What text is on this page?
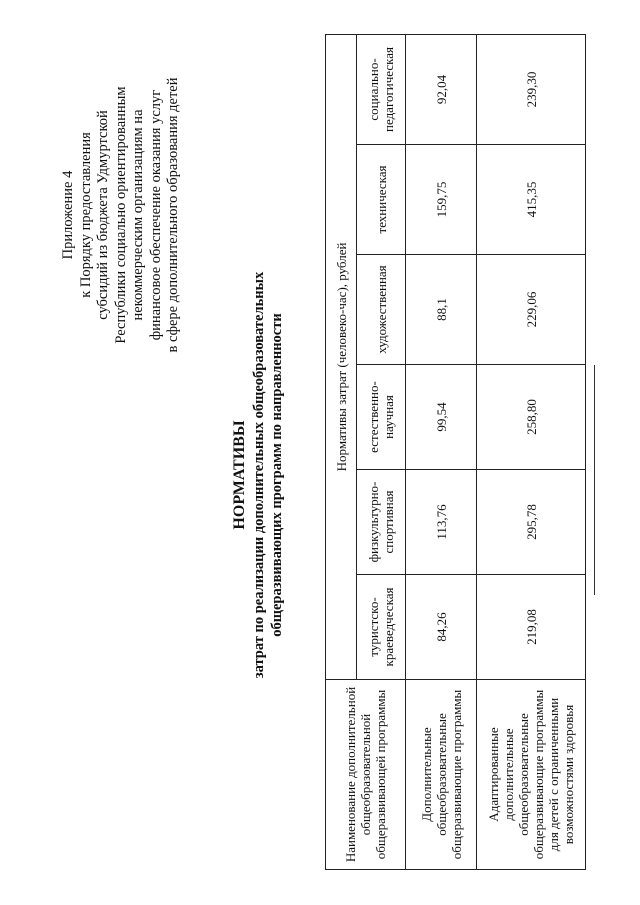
Приложение 4 к Порядку предоставления субсидий из бюджета Удмуртской Республики социально ориентированным некоммерческим организациям на финансовое обеспечение оказания услуг в сфере дополнительного образования детей
НОРМАТИВЫ затрат по реализации дополнительных общеобразовательных общеразвивающих программ по направленности
Наименование дополнительной общеобразовательной общеразвивающей программы	Нормативы затрат (человеко-час), рублей					
	туристско-краеведческая	физкультурно-спортивная	естественно-научная	художественная	техническая	социально-педагогическая
Дополнительные общеобразовательные общеразвивающие программы	84,26	113,76	99,54	88,1	159,75	92,04
Адаптированные дополнительные общеобразовательные общеразвивающие программы для детей с ограниченными возможностями здоровья	219,08	295,78	258,80	229,06	415,35	239,30
